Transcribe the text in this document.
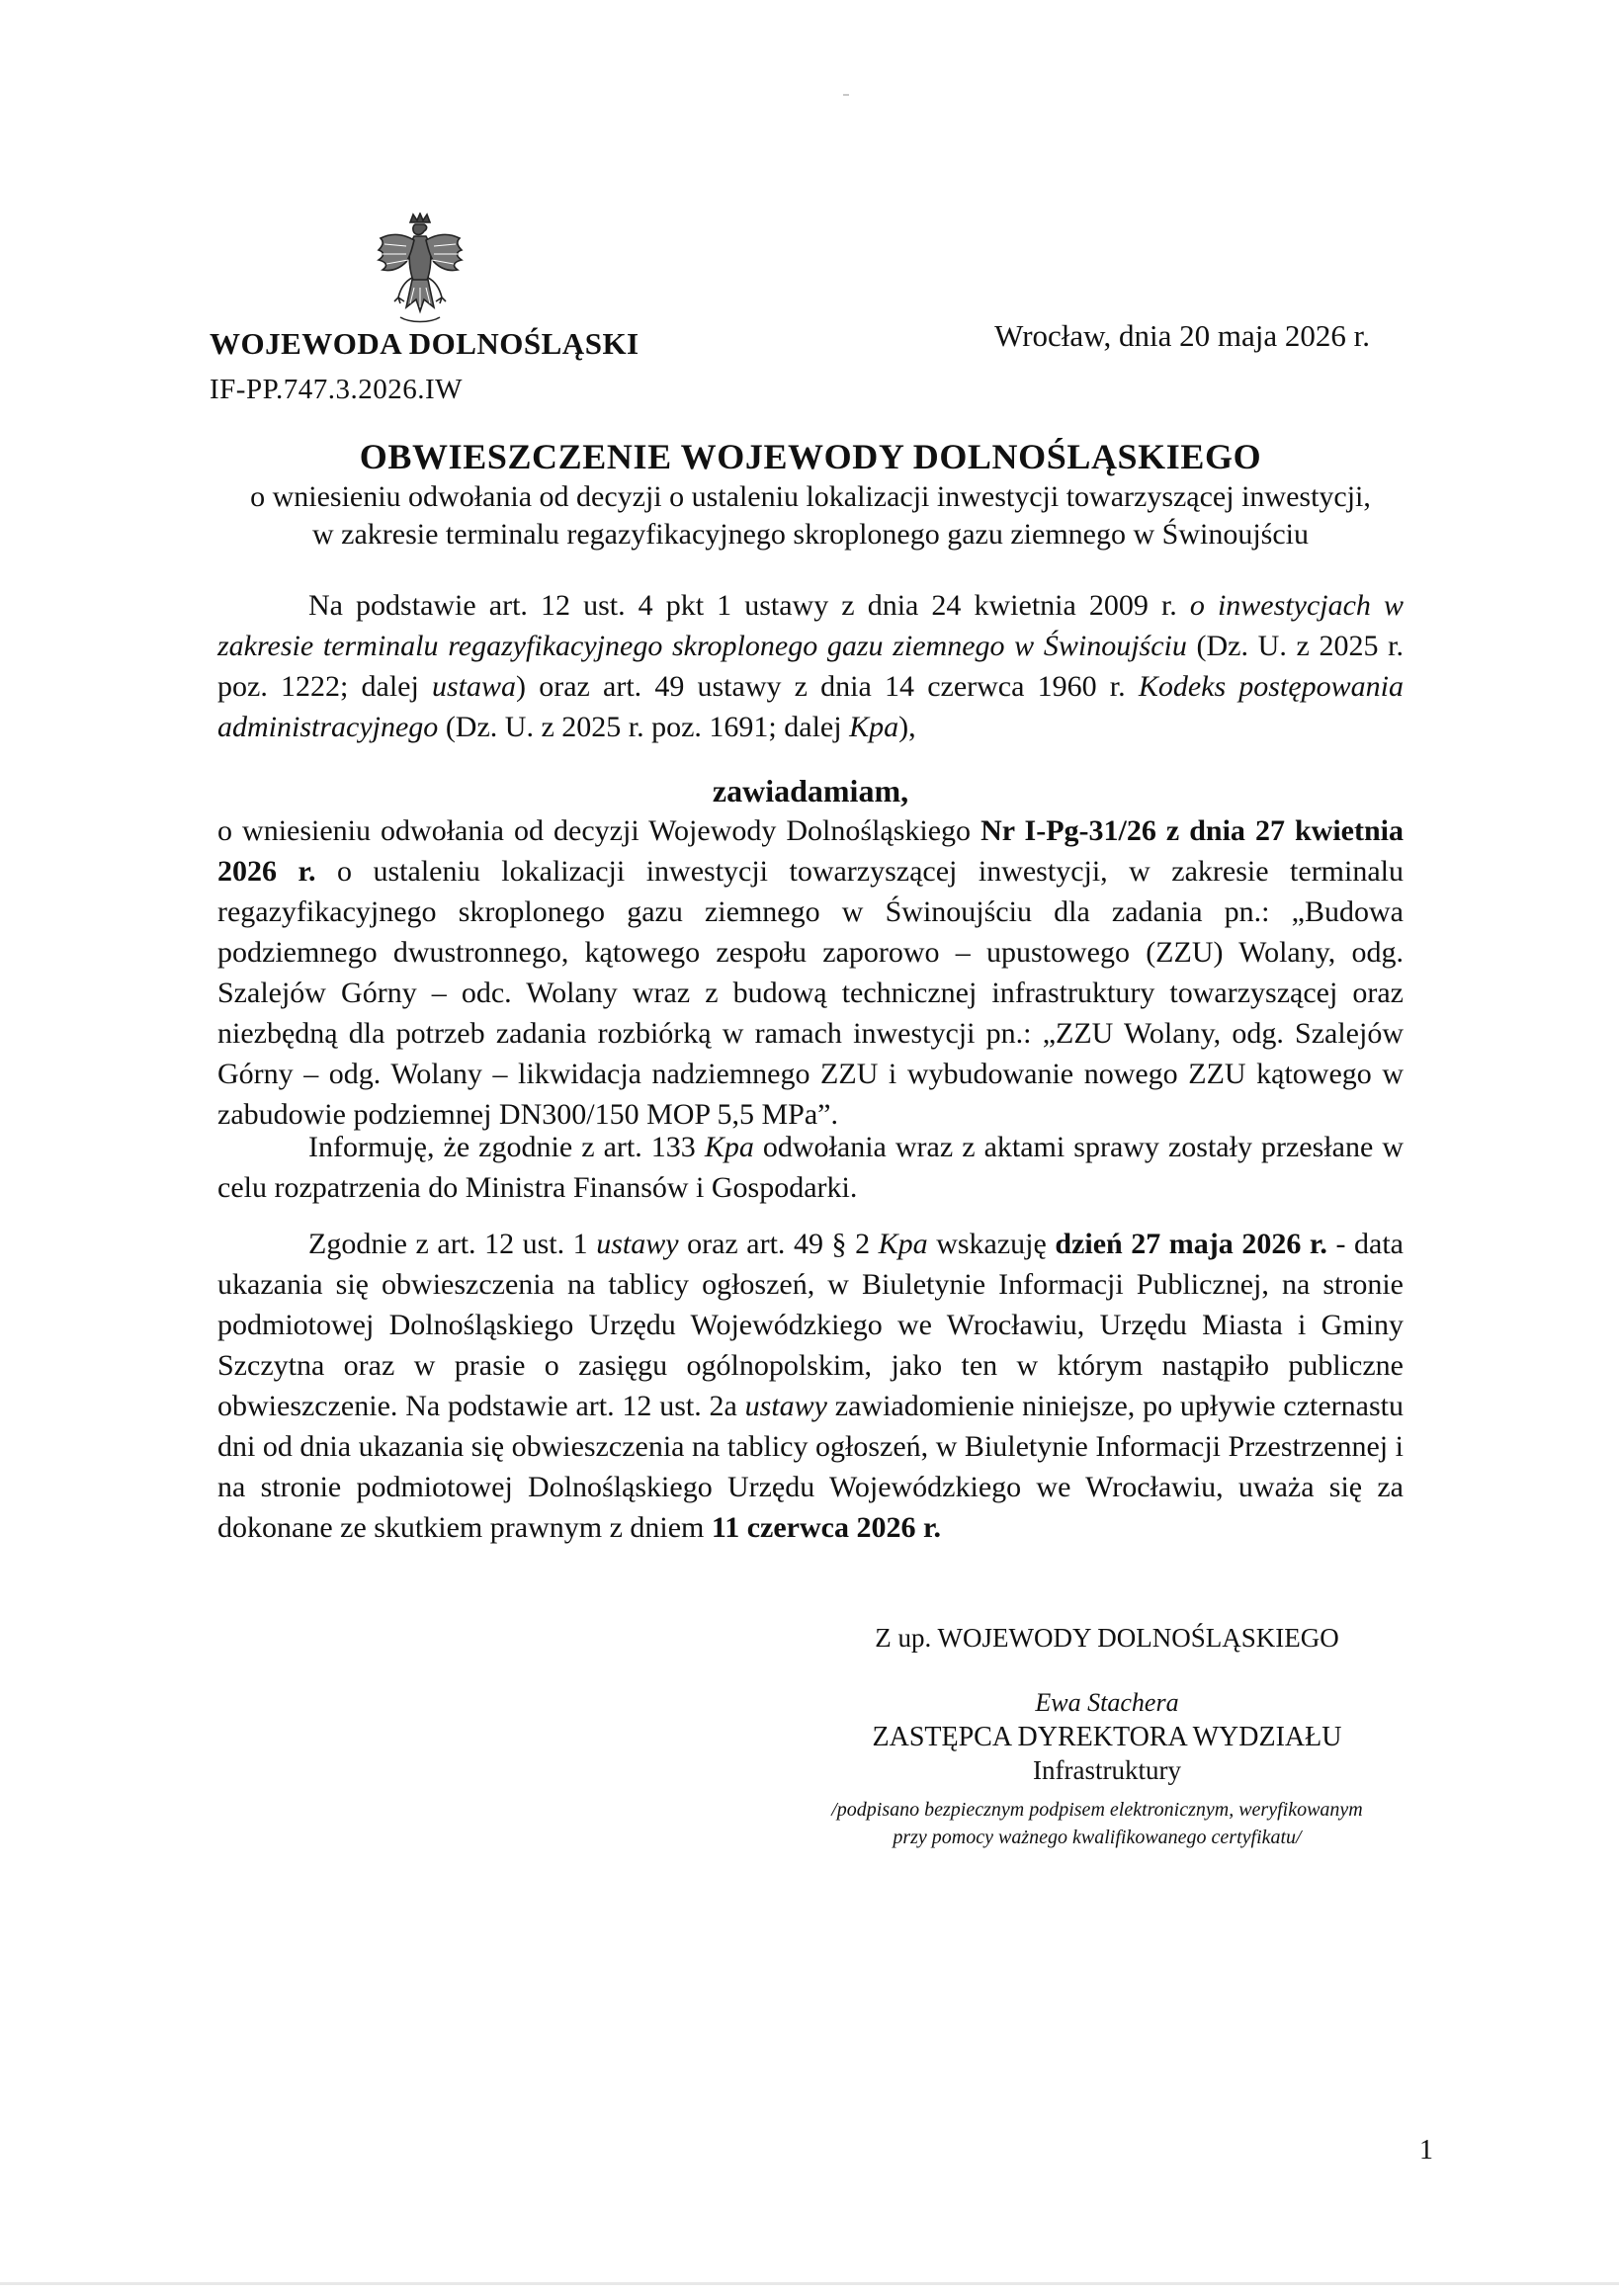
WOJEWODA DOLNOŚLĄSKI
IF-PP.747.3.2026.IW
Wrocław, dnia 20 maja 2026 r.
OBWIESZCZENIE WOJEWODY DOLNOŚLĄSKIEGO
o wniesieniu odwołania od decyzji o ustaleniu lokalizacji inwestycji towarzyszącej inwestycji,
w zakresie terminalu regazyfikacyjnego skroplonego gazu ziemnego w Świnoujściu
Na podstawie art. 12 ust. 4 pkt 1 ustawy z dnia 24 kwietnia 2009 r. o inwestycjach w zakresie terminalu regazyfikacyjnego skroplonego gazu ziemnego w Świnoujściu (Dz. U. z 2025 r. poz. 1222; dalej ustawa) oraz art. 49 ustawy z dnia 14 czerwca 1960 r. Kodeks postępowania administracyjnego (Dz. U. z 2025 r. poz. 1691; dalej Kpa),
zawiadamiam,
o wniesieniu odwołania od decyzji Wojewody Dolnośląskiego Nr I-Pg-31/26 z dnia 27 kwietnia 2026 r. o ustaleniu lokalizacji inwestycji towarzyszącej inwestycji, w zakresie terminalu regazyfikacyjnego skroplonego gazu ziemnego w Świnoujściu dla zadania pn.: „Budowa podziemnego dwustronnego, kątowego zespołu zaporowo – upustowego (ZZU) Wolany, odg. Szalejów Górny – odc. Wolany wraz z budową technicznej infrastruktury towarzyszącej oraz niezbędną dla potrzeb zadania rozbiórką w ramach inwestycji pn.: „ZZU Wolany, odg. Szalejów Górny – odg. Wolany – likwidacja nadziemnego ZZU i wybudowanie nowego ZZU kątowego w zabudowie podziemnej DN300/150 MOP 5,5 MPa”.
Informuję, że zgodnie z art. 133 Kpa odwołania wraz z aktami sprawy zostały przesłane w celu rozpatrzenia do Ministra Finansów i Gospodarki.
Zgodnie z art. 12 ust. 1 ustawy oraz art. 49 § 2 Kpa wskazuję dzień 27 maja 2026 r. - data ukazania się obwieszczenia na tablicy ogłoszeń, w Biuletynie Informacji Publicznej, na stronie podmiotowej Dolnośląskiego Urzędu Wojewódzkiego we Wrocławiu, Urzędu Miasta i Gminy Szczytna oraz w prasie o zasięgu ogólnopolskim, jako ten w którym nastąpiło publiczne obwieszczenie. Na podstawie art. 12 ust. 2a ustawy zawiadomienie niniejsze, po upływie czternastu dni od dnia ukazania się obwieszczenia na tablicy ogłoszeń, w Biuletynie Informacji Przestrzennej i na stronie podmiotowej Dolnośląskiego Urzędu Wojewódzkiego we Wrocławiu, uważa się za dokonane ze skutkiem prawnym z dniem 11 czerwca 2026 r.
Z up. WOJEWODY DOLNOŚLĄSKIEGO
Ewa Stachera
ZASTĘPCA DYREKTORA WYDZIAŁU
Infrastruktury
/podpisano bezpiecznym podpisem elektronicznym, weryfikowanym
przy pomocy ważnego kwalifikowanego certyfikatu/
1
